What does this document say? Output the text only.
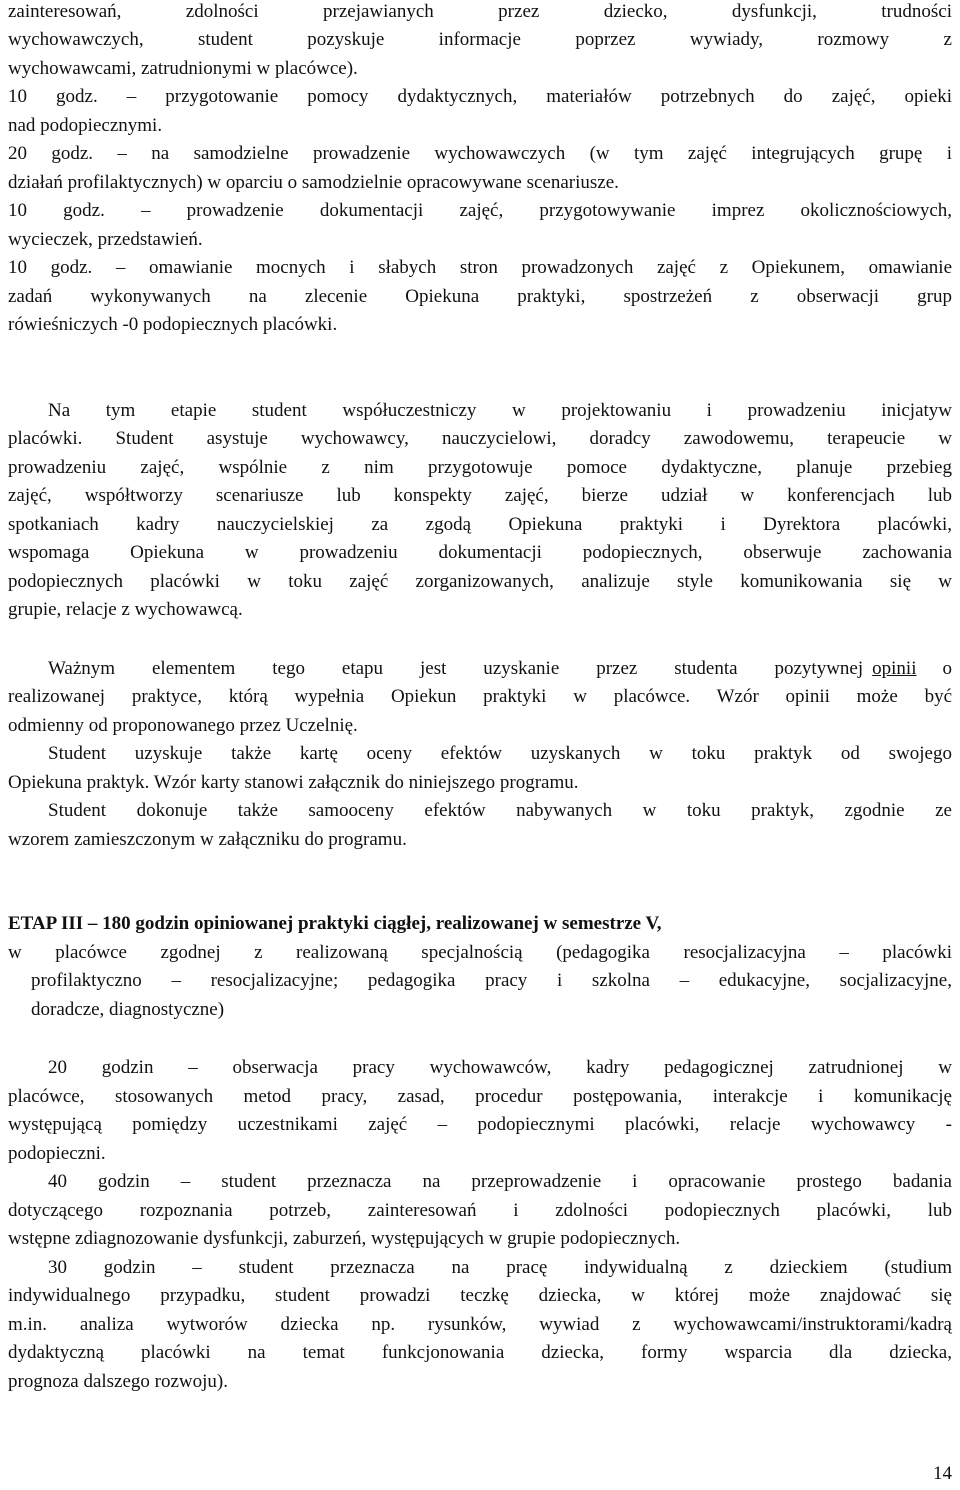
zainteresowań, zdolności przejawianych przez dziecko, dysfunkcji, trudności
wychowawczych, student pozyskuje informacje poprzez wywiady, rozmowy z
wychowawcami, zatrudnionymi w placówce).
10 godz. – przygotowanie pomocy dydaktycznych, materiałów potrzebnych do zajęć, opieki
nad podopiecznymi.
20 godz. – na samodzielne prowadzenie wychowawczych (w tym zajęć integrujących grupę i
działań profilaktycznych) w oparciu o samodzielnie opracowywane scenariusze.
10 godz. – prowadzenie dokumentacji zajęć, przygotowywanie imprez okolicznościowych,
wycieczek, przedstawień.
10 godz. – omawianie mocnych i słabych stron prowadzonych zajęć z Opiekunem, omawianie
zadań wykonywanych na zlecenie Opiekuna praktyki, spostrzeżeń z obserwacji grup
rówieśniczych -0 podopiecznych placówki.
Na tym etapie student współuczestniczy w projektowaniu i prowadzeniu inicjatyw
placówki. Student asystuje wychowawcy, nauczycielowi, doradcy zawodowemu, terapeucie w
prowadzeniu zajęć, wspólnie z nim przygotowuje pomoce dydaktyczne, planuje przebieg
zajęć, współtworzy scenariusze lub konspekty zajęć, bierze udział w konferencjach lub
spotkaniach kadry nauczycielskiej za zgodą Opiekuna praktyki i Dyrektora placówki,
wspomaga Opiekuna w prowadzeniu dokumentacji podopiecznych, obserwuje zachowania
podopiecznych placówki w toku zajęć zorganizowanych, analizuje style komunikowania się w
grupie, relacje z wychowawcą.
Ważnym elementem tego etapu jest uzyskanie przez studenta pozytywnej opinii	o
realizowanej praktyce, którą wypełnia Opiekun praktyki w placówce. Wzór opinii może być
odmienny od proponowanego przez Uczelnię.
Student uzyskuje także kartę oceny efektów uzyskanych w toku praktyk od swojego
Opiekuna praktyk. Wzór karty stanowi załącznik do niniejszego programu.
Student dokonuje także samooceny efektów nabywanych w toku praktyk, zgodnie ze
wzorem zamieszczonym w załączniku do programu.
ETAP III – 180 godzin opiniowanej praktyki ciągłej, realizowanej w semestrze V,
w placówce zgodnej z realizowaną specjalnością (pedagogika resocjalizacyjna – placówki
profilaktyczno – resocjalizacyjne; pedagogika pracy i szkolna – edukacyjne, socjalizacyjne,
doradcze, diagnostyczne)
20 godzin – obserwacja pracy wychowawców, kadry pedagogicznej zatrudnionej w
placówce, stosowanych metod pracy, zasad, procedur postępowania, interakcje i komunikację
występującą pomiędzy uczestnikami zajęć – podopiecznymi placówki, relacje wychowawcy -
podopieczni.
40 godzin – student przeznacza na przeprowadzenie i opracowanie prostego badania
dotyczącego rozpoznania potrzeb, zainteresowań i zdolności podopiecznych placówki, lub
wstępne zdiagnozowanie dysfunkcji, zaburzeń, występujących w grupie podopiecznych.
30 godzin – student przeznacza na pracę indywidualną z dzieckiem (studium
indywidualnego przypadku, student prowadzi teczkę dziecka, w której może znajdować się
m.in. analiza wytworów dziecka np. rysunków, wywiad z wychowawcami/instruktorami/kadrą
dydaktyczną placówki na temat funkcjonowania dziecka, formy wsparcia dla dziecka,
prognoza dalszego rozwoju).
14
